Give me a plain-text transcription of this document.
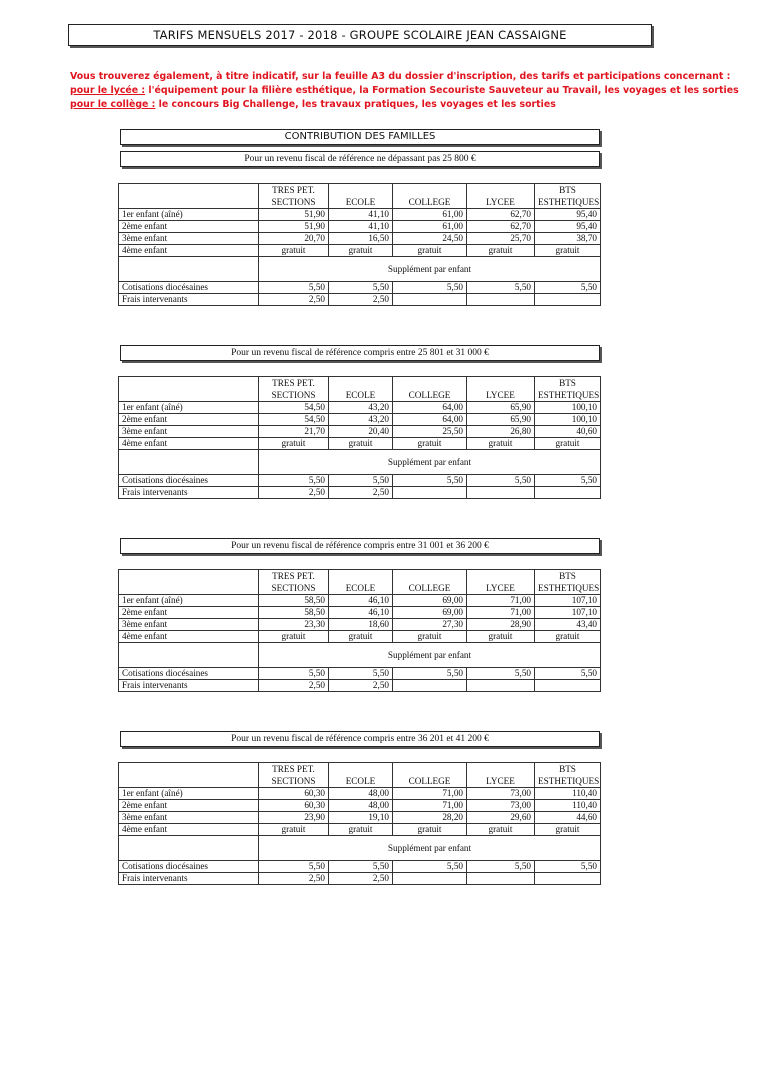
TARIFS MENSUELS 2017 - 2018 - GROUPE SCOLAIRE JEAN CASSAIGNE
Vous trouverez également, à titre indicatif, sur la feuille A3 du dossier d'inscription, des tarifs et participations concernant :
pour le lycée : l'équipement pour la filière esthétique, la Formation Secouriste Sauveteur au Travail, les voyages et les sorties
pour le collège : le concours Big Challenge, les travaux pratiques, les voyages et les sorties
CONTRIBUTION DES FAMILLES
Pour un revenu fiscal de référence ne dépassant pas 25 800 €
	TRES PET.				BTS
	SECTIONS	ECOLE	COLLEGE	LYCEE	ESTHETIQUES
1er enfant (aîné)	51,90	41,10	61,00	62,70	95,40
2ème enfant	51,90	41,10	61,00	62,70	95,40
3ème enfant	20,70	16,50	24,50	25,70	38,70
4ème enfant	gratuit	gratuit	gratuit	gratuit	gratuit
	Supplément par enfant				
Cotisations diocésaines	5,50	5,50	5,50	5,50	5,50
Frais intervenants	2,50	2,50			
Pour un revenu fiscal de référence compris entre 25 801 et 31 000 €
	TRES PET.				BTS
	SECTIONS	ECOLE	COLLEGE	LYCEE	ESTHETIQUES
1er enfant (aîné)	54,50	43,20	64,00	65,90	100,10
2ème enfant	54,50	43,20	64,00	65,90	100,10
3ème enfant	21,70	20,40	25,50	26,80	40,60
4ème enfant	gratuit	gratuit	gratuit	gratuit	gratuit
	Supplément par enfant				
Cotisations diocésaines	5,50	5,50	5,50	5,50	5,50
Frais intervenants	2,50	2,50			
Pour un revenu fiscal de référence compris entre 31 001 et 36 200 €
	TRES PET.				BTS
	SECTIONS	ECOLE	COLLEGE	LYCEE	ESTHETIQUES
1er enfant (aîné)	58,50	46,10	69,00	71,00	107,10
2ème enfant	58,50	46,10	69,00	71,00	107,10
3ème enfant	23,30	18,60	27,30	28,90	43,40
4ème enfant	gratuit	gratuit	gratuit	gratuit	gratuit
	Supplément par enfant				
Cotisations diocésaines	5,50	5,50	5,50	5,50	5,50
Frais intervenants	2,50	2,50			
Pour un revenu fiscal de référence compris entre 36 201 et 41 200 €
	TRES PET.				BTS
	SECTIONS	ECOLE	COLLEGE	LYCEE	ESTHETIQUES
1er enfant (aîné)	60,30	48,00	71,00	73,00	110,40
2ème enfant	60,30	48,00	71,00	73,00	110,40
3ème enfant	23,90	19,10	28,20	29,60	44,60
4ème enfant	gratuit	gratuit	gratuit	gratuit	gratuit
	Supplément par enfant				
Cotisations diocésaines	5,50	5,50	5,50	5,50	5,50
Frais intervenants	2,50	2,50			
